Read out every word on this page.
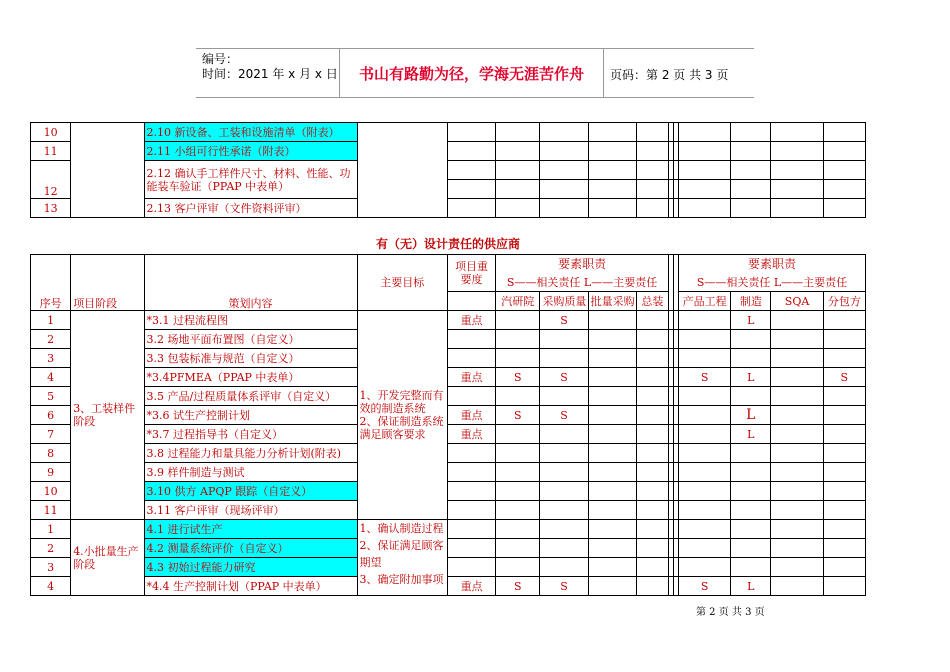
编号：
时间：2021 年 x 月 x 日	书山有路勤为径，学海无涯苦作舟	页码：第 2 页 共 3 页
10		2.10 新设备、工装和设施清单（附表）												
11		2.11 小组可行性承诺（附表）												
12		2.12 确认手工样件尺寸、材料、性能、功能装车验证（PPAP 中表单）												

13		2.13 客户评审（文件资料评审）												
有（无）设计责任的供应商
序号	项目阶段	策划内容	主要目标	项目重要度	要素职责						要素职责			
					S——相关责任 L——主要责任						S——相关责任 L——主要责任			
					汽研院	采购质量	批量采购	总装			产品工程	制造	SQA	分包方
1	3、工装样件阶段	*3.1 过程流程图	1、开发完整而有效的制造系统 2、保证制造系统满足顾客要求	重点		S						L		
2		3.2 场地平面布置图（自定义）												
3		3.3 包装标准与规范（自定义）												
4		*3.4PFMEA（PPAP 中表单）		重点	S	S					S	L		S
5		3.5 产品/过程质量体系评审（自定义）												
6		*3.6 试生产控制计划		重点	S	S						L		
7		*3.7 过程指导书（自定义）		重点								L		
8		3.8 过程能力和量具能力分析计划(附表)												
9		3.9 样件制造与测试												
10		3.10 供方 APQP 跟踪（自定义）												
11		3.11 客户评审（现场评审）												
1	4.小批量生产阶段	4.1 进行试生产	1、确认制造过程
2、保证满足顾客期望
3、确定附加事项											

2		4.2 测量系统评价（自定义）												
3		4.3 初始过程能力研究												
4		*4.4 生产控制计划（PPAP 中表单）		重点	S	S					S	L		
第 2 页 共 3 页
